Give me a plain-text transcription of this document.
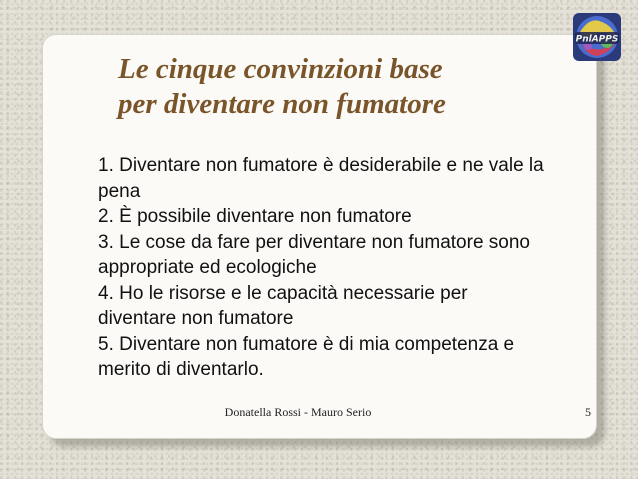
Le cinque convinzioni base
per diventare non fumatore
1. Diventare non fumatore è desiderabile e ne vale la pena
2. È possibile diventare non fumatore
3. Le cose da fare per diventare non fumatore sono appropriate ed ecologiche
4. Ho le risorse e le capacità necessarie per diventare non fumatore
5. Diventare non fumatore è di mia competenza e merito di diventarlo.
Donatella Rossi - Mauro Serio	5
PnlAPPS
